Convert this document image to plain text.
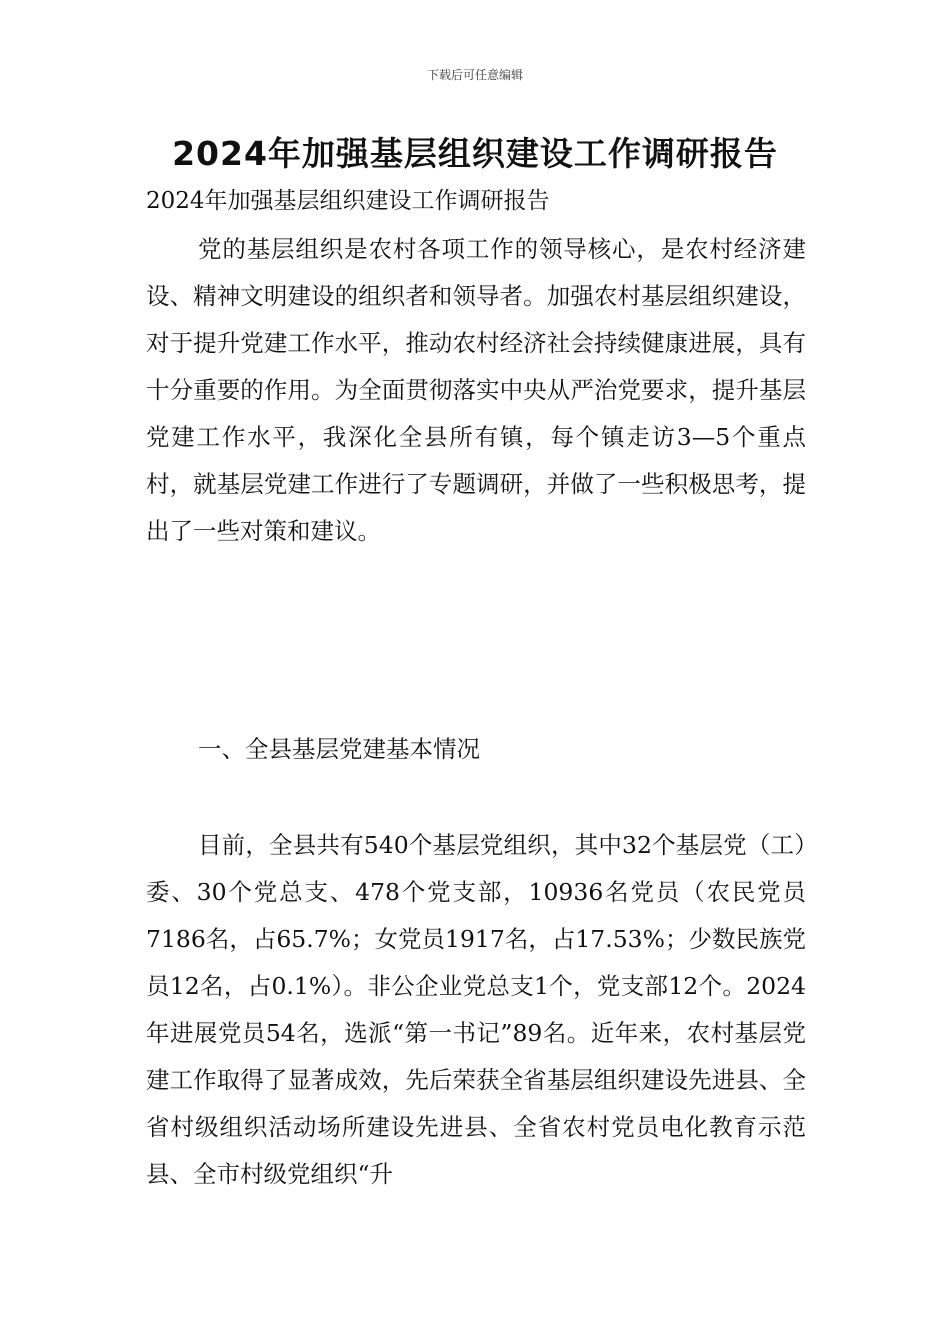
下载后可任意编辑
2024年加强基层组织建设工作调研报告

2024年加强基层组织建设工作调研报告

党的基层组织是农村各项工作的领导核心，是农村经济建设、精神文明建设的组织者和领导者。加强农村基层组织建设，对于提升党建工作水平，推动农村经济社会持续健康进展，具有十分重要的作用。为全面贯彻落实中央从严治党要求，提升基层党建工作水平，我深化全县所有镇，每个镇走访3—5个重点村，就基层党建工作进行了专题调研，并做了一些积极思考，提出了一些对策和建议。

一、全县基层党建基本情况

目前，全县共有540个基层党组织，其中32个基层党（工）委、30个党总支、478个党支部，10936名党员（农民党员7186名，占65.7%；女党员1917名，占17.53%；少数民族党员12名，占0.1%）。非公企业党总支1个，党支部12个。2024年进展党员54名，选派“第一书记”89名。近年来，农村基层党建工作取得了显著成效，先后荣获全省基层组织建设先进县、全省村级组织活动场所建设先进县、全省农村党员电化教育示范县、全市村级党组织“升
